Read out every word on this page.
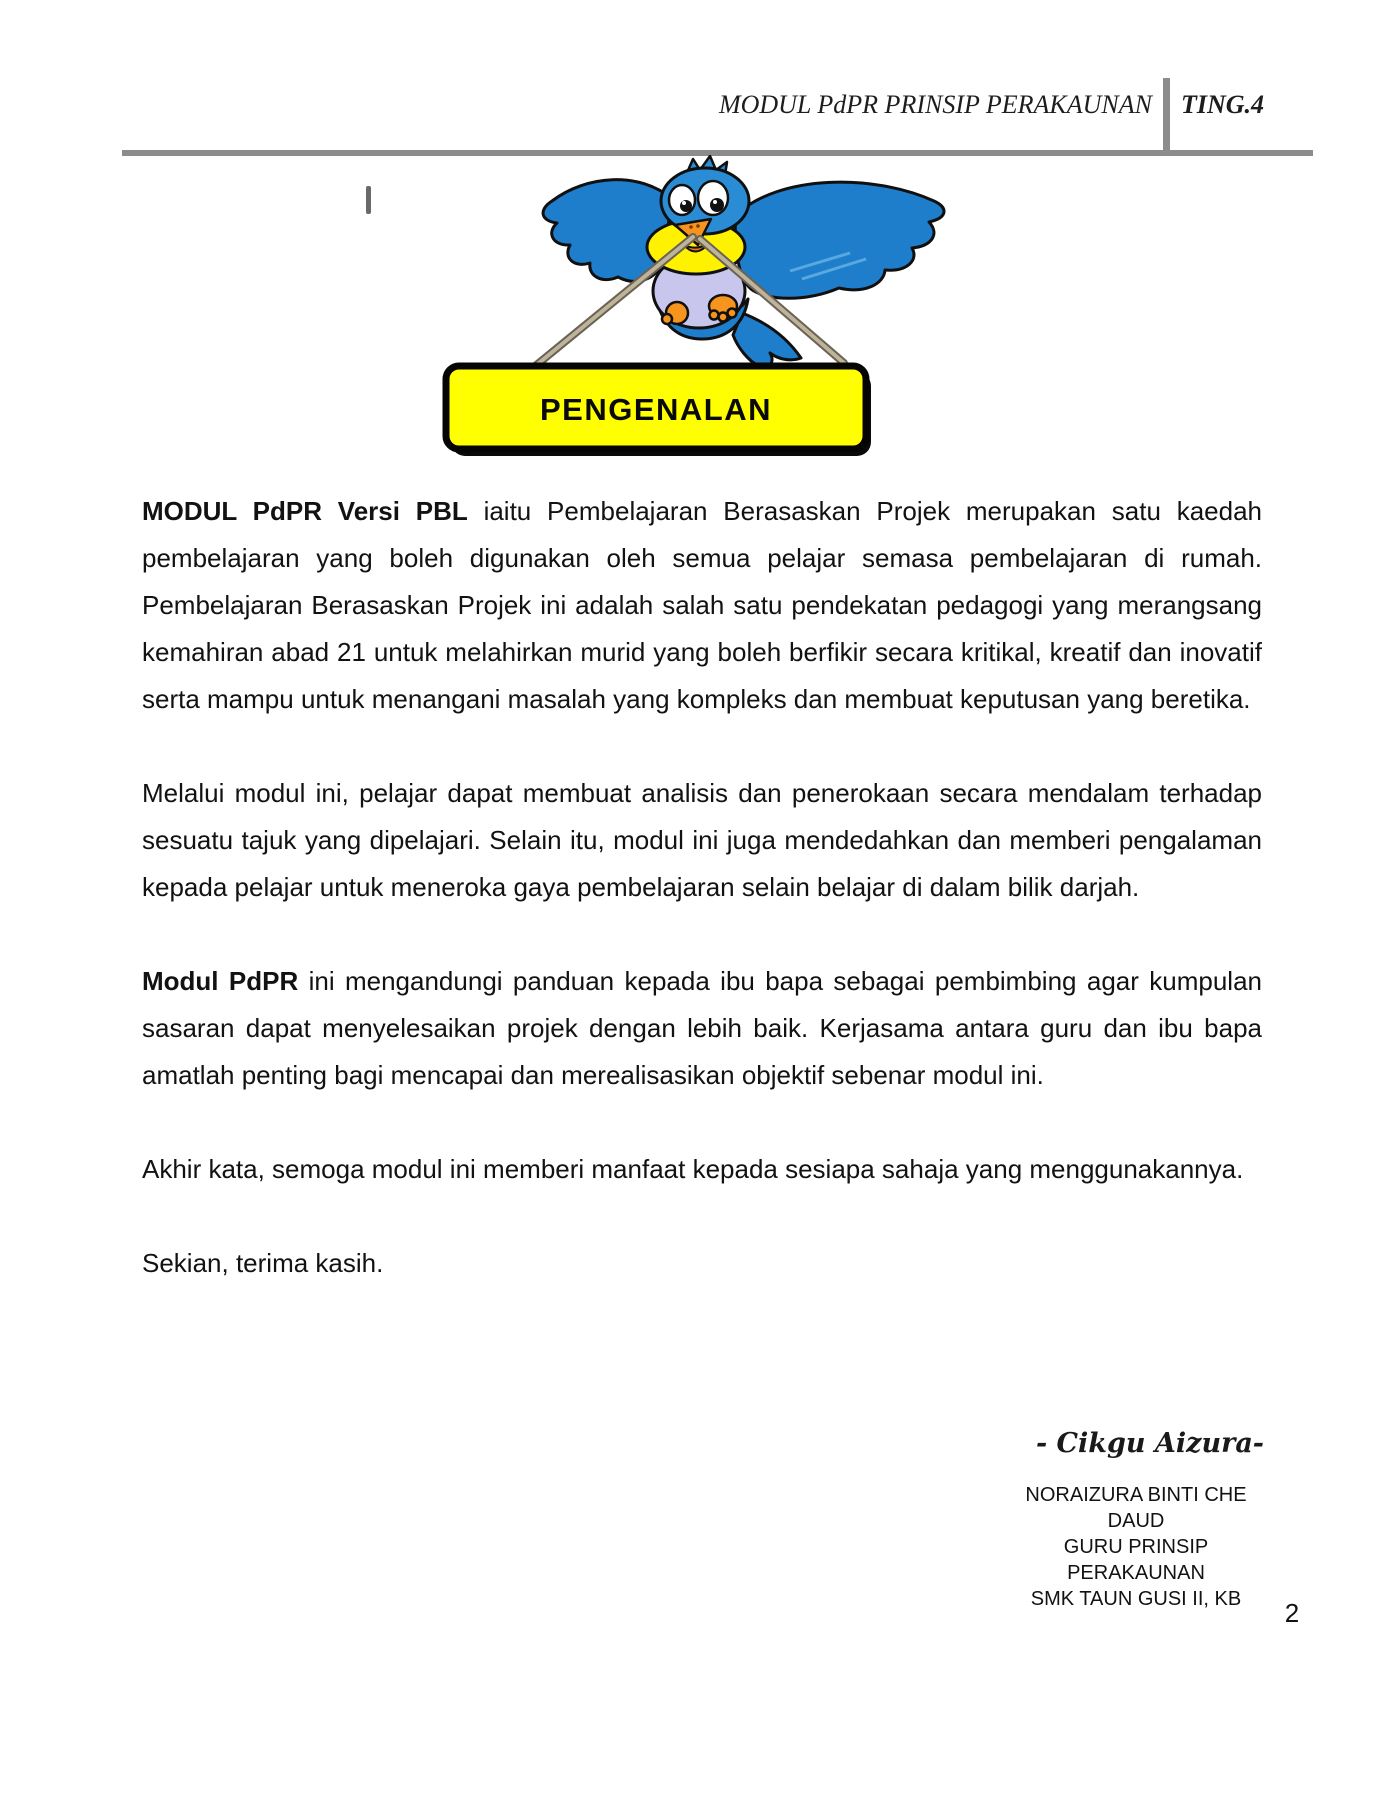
MODUL PdPR PRINSIP PERAKAUNAN TING.4
PENGENALAN

MODUL PdPR Versi PBL iaitu Pembelajaran Berasaskan Projek merupakan satu kaedah pembelajaran yang boleh digunakan oleh semua pelajar semasa pembelajaran di rumah. Pembelajaran Berasaskan Projek ini adalah salah satu pendekatan pedagogi yang merangsang kemahiran abad 21 untuk melahirkan murid yang boleh berfikir secara kritikal, kreatif dan inovatif serta mampu untuk menangani masalah yang kompleks dan membuat keputusan yang beretika.

Melalui modul ini, pelajar dapat membuat analisis dan penerokaan secara mendalam terhadap sesuatu tajuk yang dipelajari. Selain itu, modul ini juga mendedahkan dan memberi pengalaman kepada pelajar untuk meneroka gaya pembelajaran selain belajar di dalam bilik darjah.

Modul PdPR ini mengandungi panduan kepada ibu bapa sebagai pembimbing agar kumpulan sasaran dapat menyelesaikan projek dengan lebih baik. Kerjasama antara guru dan ibu bapa amatlah penting bagi mencapai dan merealisasikan objektif sebenar modul ini.

Akhir kata, semoga modul ini memberi manfaat kepada sesiapa sahaja yang menggunakannya.

Sekian, terima kasih.

- Cikgu Aizura-
NORAIZURA BINTI CHE DAUD
GURU PRINSIP PERAKAUNAN
SMK TAUN GUSI II, KB	2
